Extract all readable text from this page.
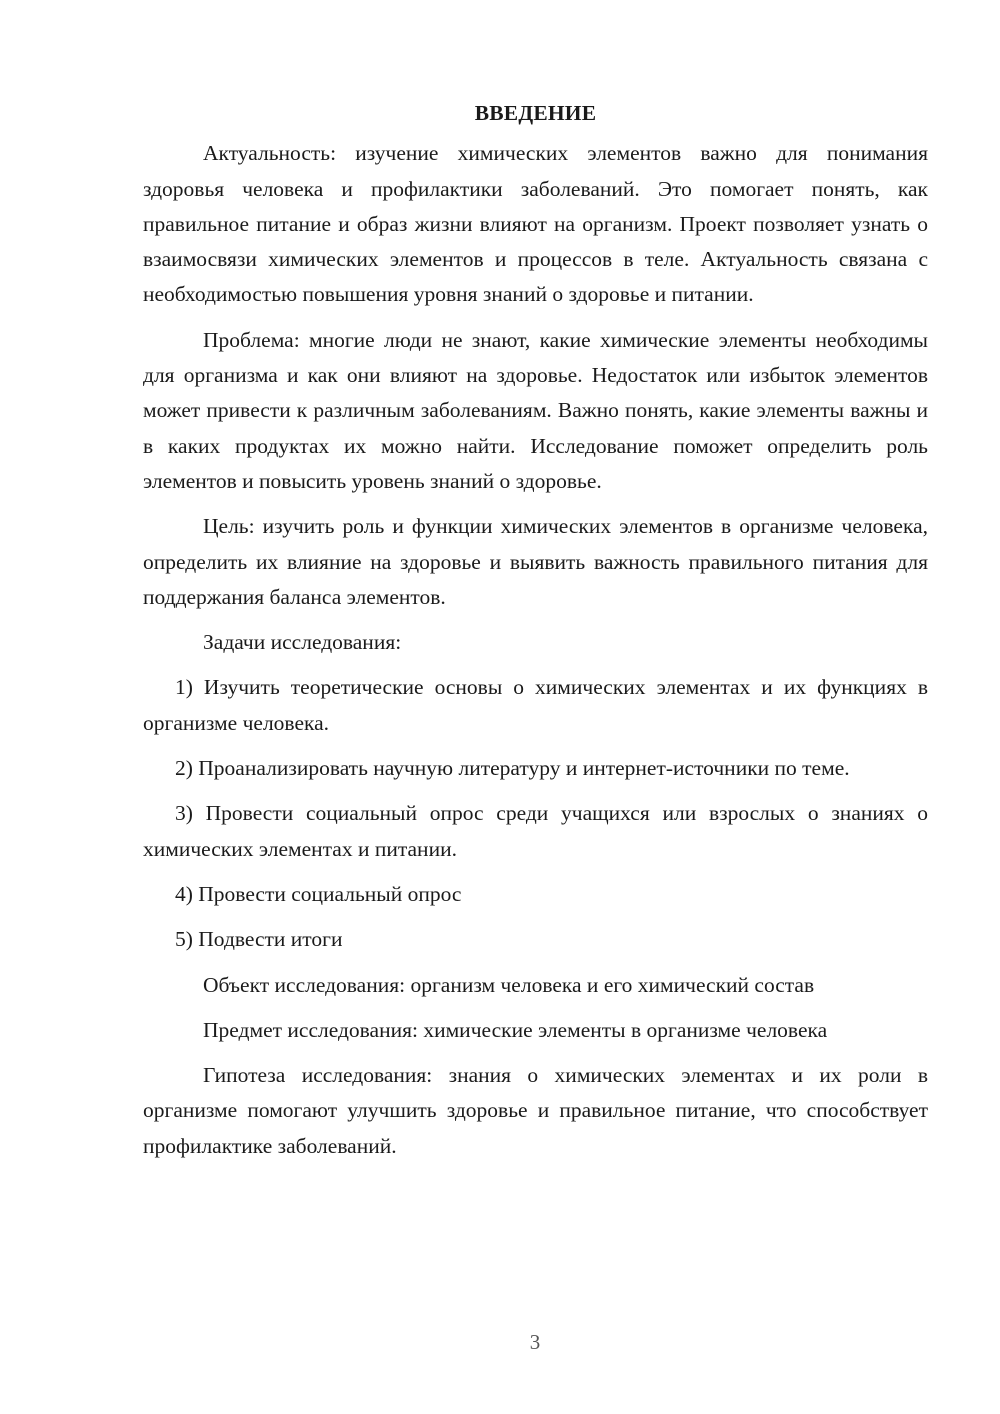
ВВЕДЕНИЕ

Актуальность: изучение химических элементов важно для понимания здоровья человека и профилактики заболеваний. Это помогает понять, как правильное питание и образ жизни влияют на организм. Проект позволяет узнать о взаимосвязи химических элементов и процессов в теле. Актуальность связана с необходимостью повышения уровня знаний о здоровье и питании.

Проблема: многие люди не знают, какие химические элементы необходимы для организма и как они влияют на здоровье. Недостаток или избыток элементов может привести к различным заболеваниям. Важно понять, какие элементы важны и в каких продуктах их можно найти. Исследование поможет определить роль элементов и повысить уровень знаний о здоровье.

Цель: изучить роль и функции химических элементов в организме человека, определить их влияние на здоровье и выявить важность правильного питания для поддержания баланса элементов.

Задачи исследования:

1) Изучить теоретические основы о химических элементах и их функциях в организме человека.

2) Проанализировать научную литературу и интернет-источники по теме.

3) Провести социальный опрос среди учащихся или взрослых о знаниях о химических элементах и питании.

4) Провести социальный опрос

5) Подвести итоги

Объект исследования: организм человека и его химический состав

Предмет исследования: химические элементы в организме человека

Гипотеза исследования: знания о химических элементах и их роли в организме помогают улучшить здоровье и правильное питание, что способствует профилактике заболеваний.

3
